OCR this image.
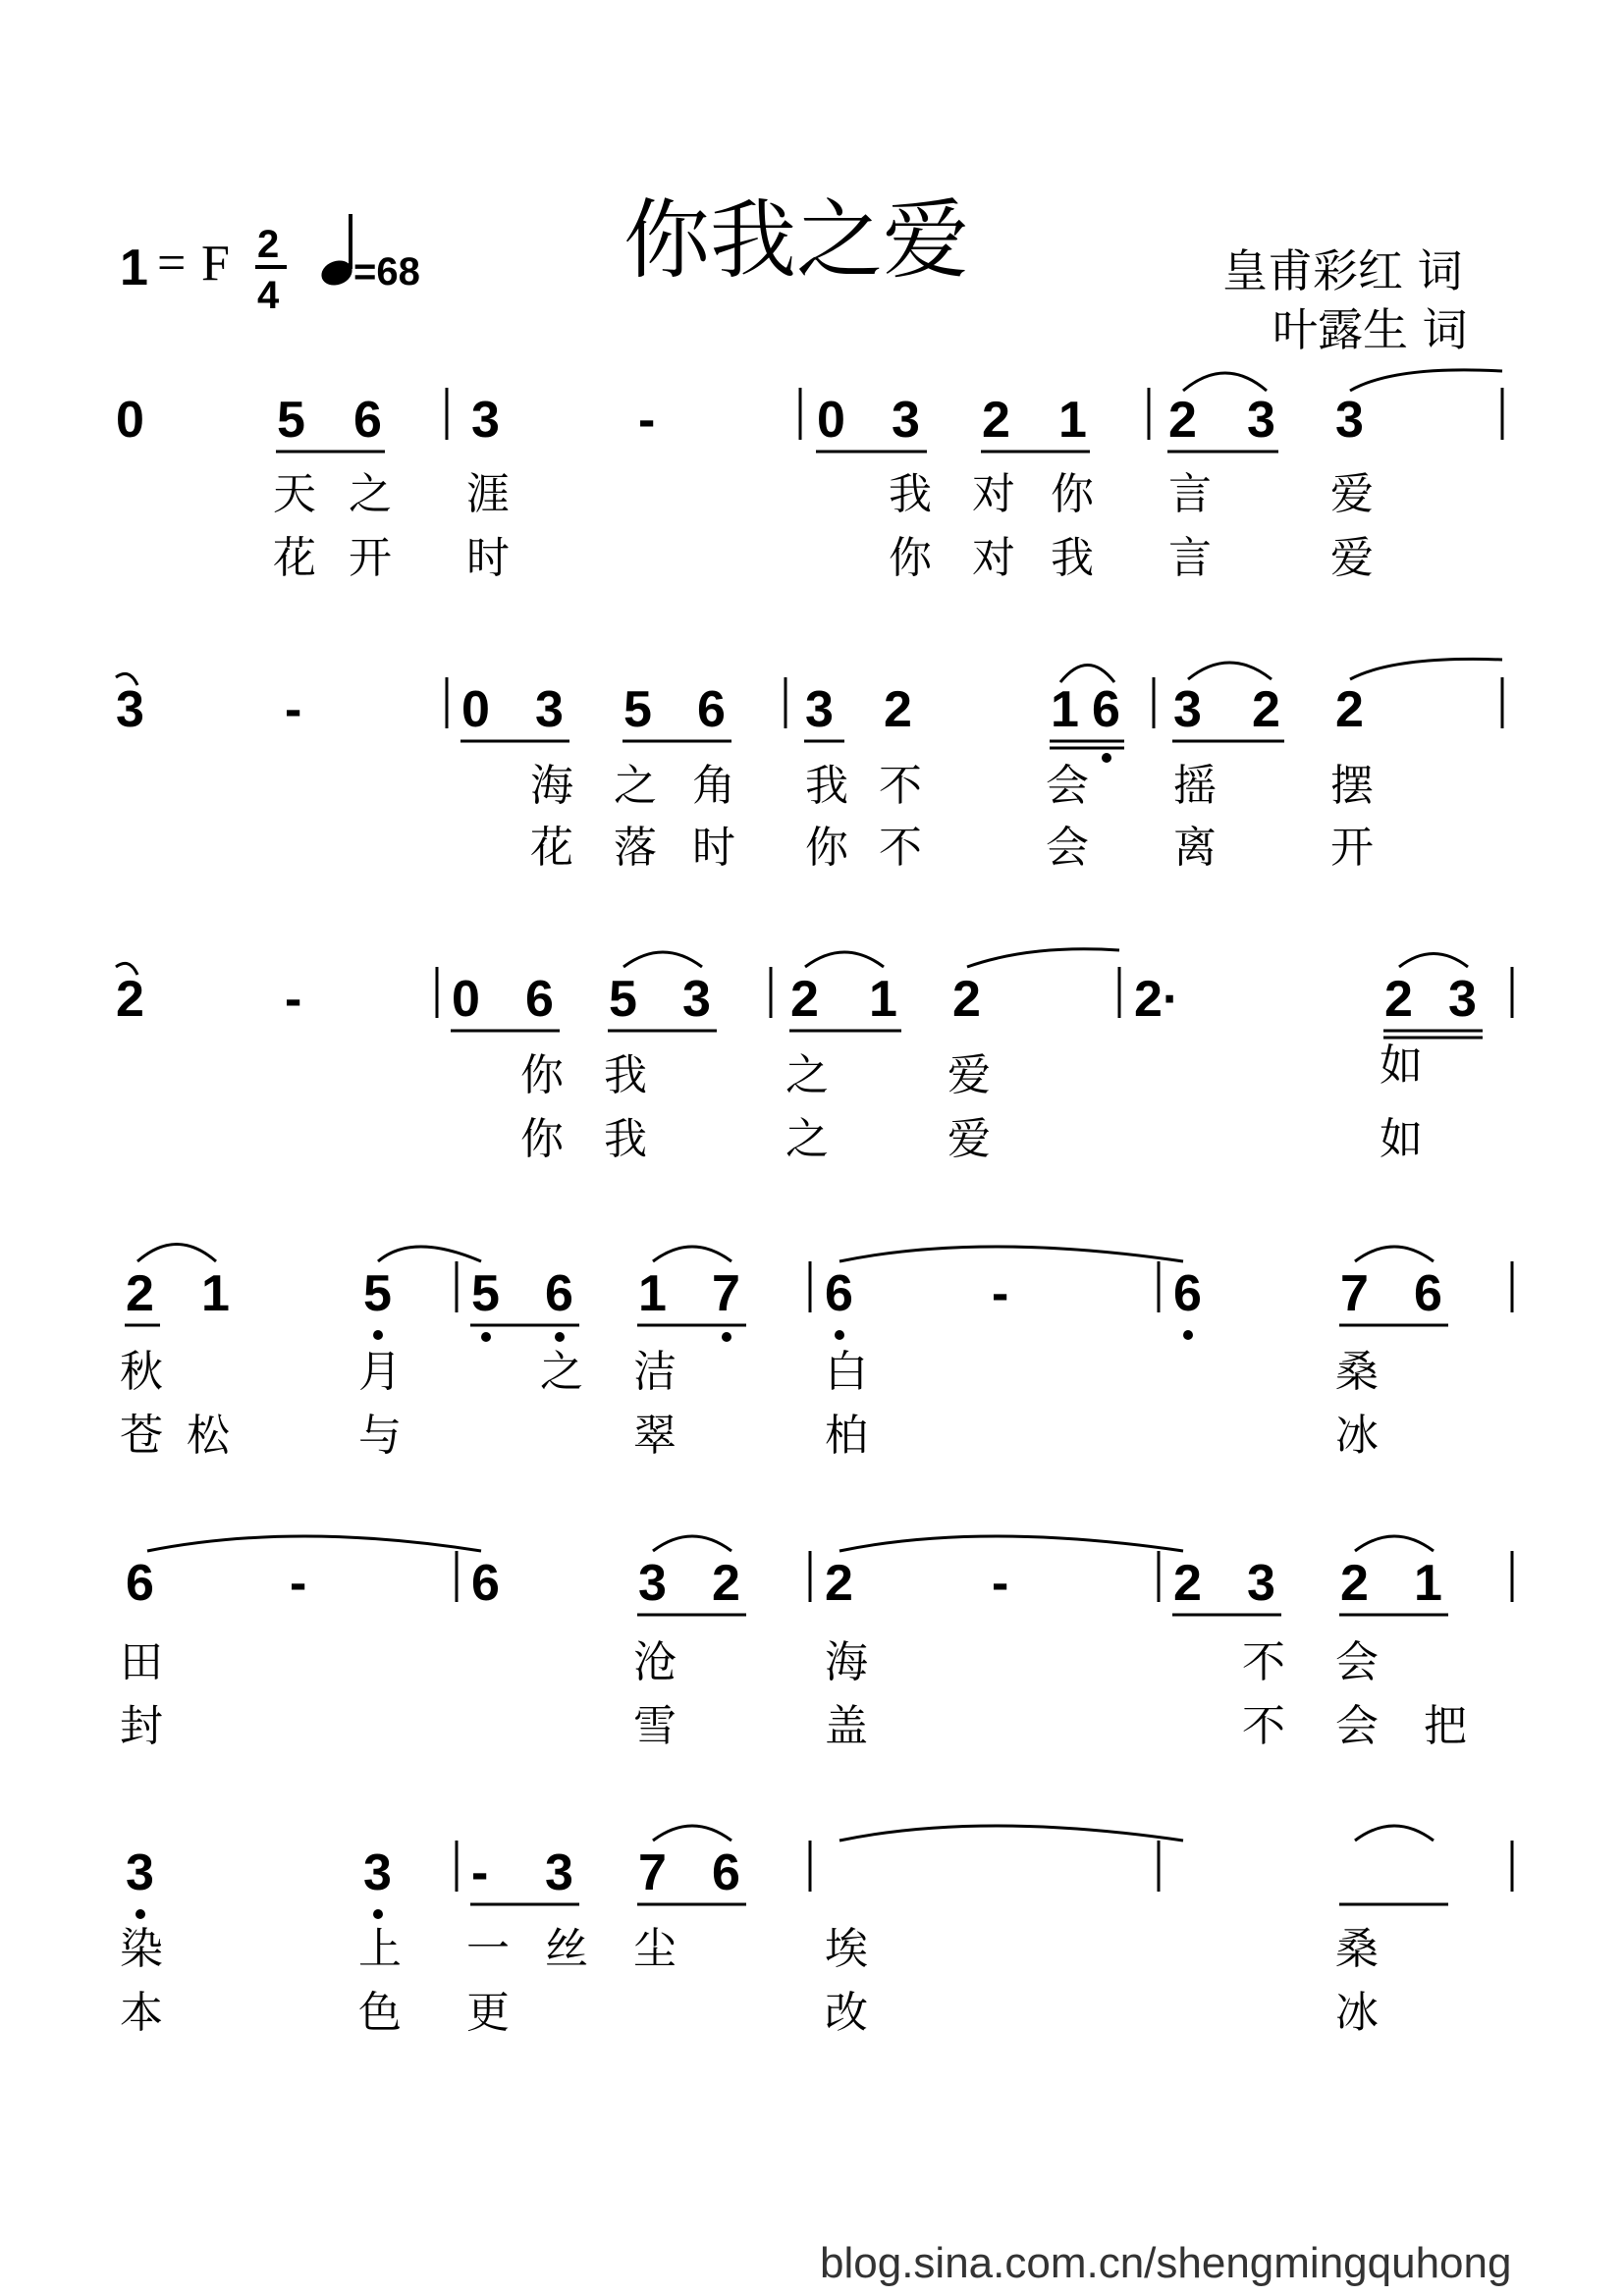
1 = F 2
4
=68 你我之爱	皇甫彩红 词
叶露生 词
0	5 6 3	-	0 3 2 1 2 3 3
天 之 涯	我 对 你 言	爱
花 开 时	你 对 我 言	爱
3	-	0 3 5 6 3 2	1 6 3 2 2
海 之 角 我 不	会 摇	摆
花 落 时 你 不	会 离	开
2	-	0 6 5 3 2 1 2	2·	2 3
你 我	之	爱	如
你 我	之	爱	如
2 1	5 5 6 1 7 6	-	6	7 6
秋	月	之 洁	白	桑
苍 松	与	翠	柏	冰
6	-	6	3 2 2	-	2 3 2 1
田	沧	海	不 会
封	雪	盖	不 会 把
3	3 - 3 7 6
染	上 一 丝 尘	埃	桑
本	色 更	改	冰
blog.sina.com.cn/shengmingquhong
